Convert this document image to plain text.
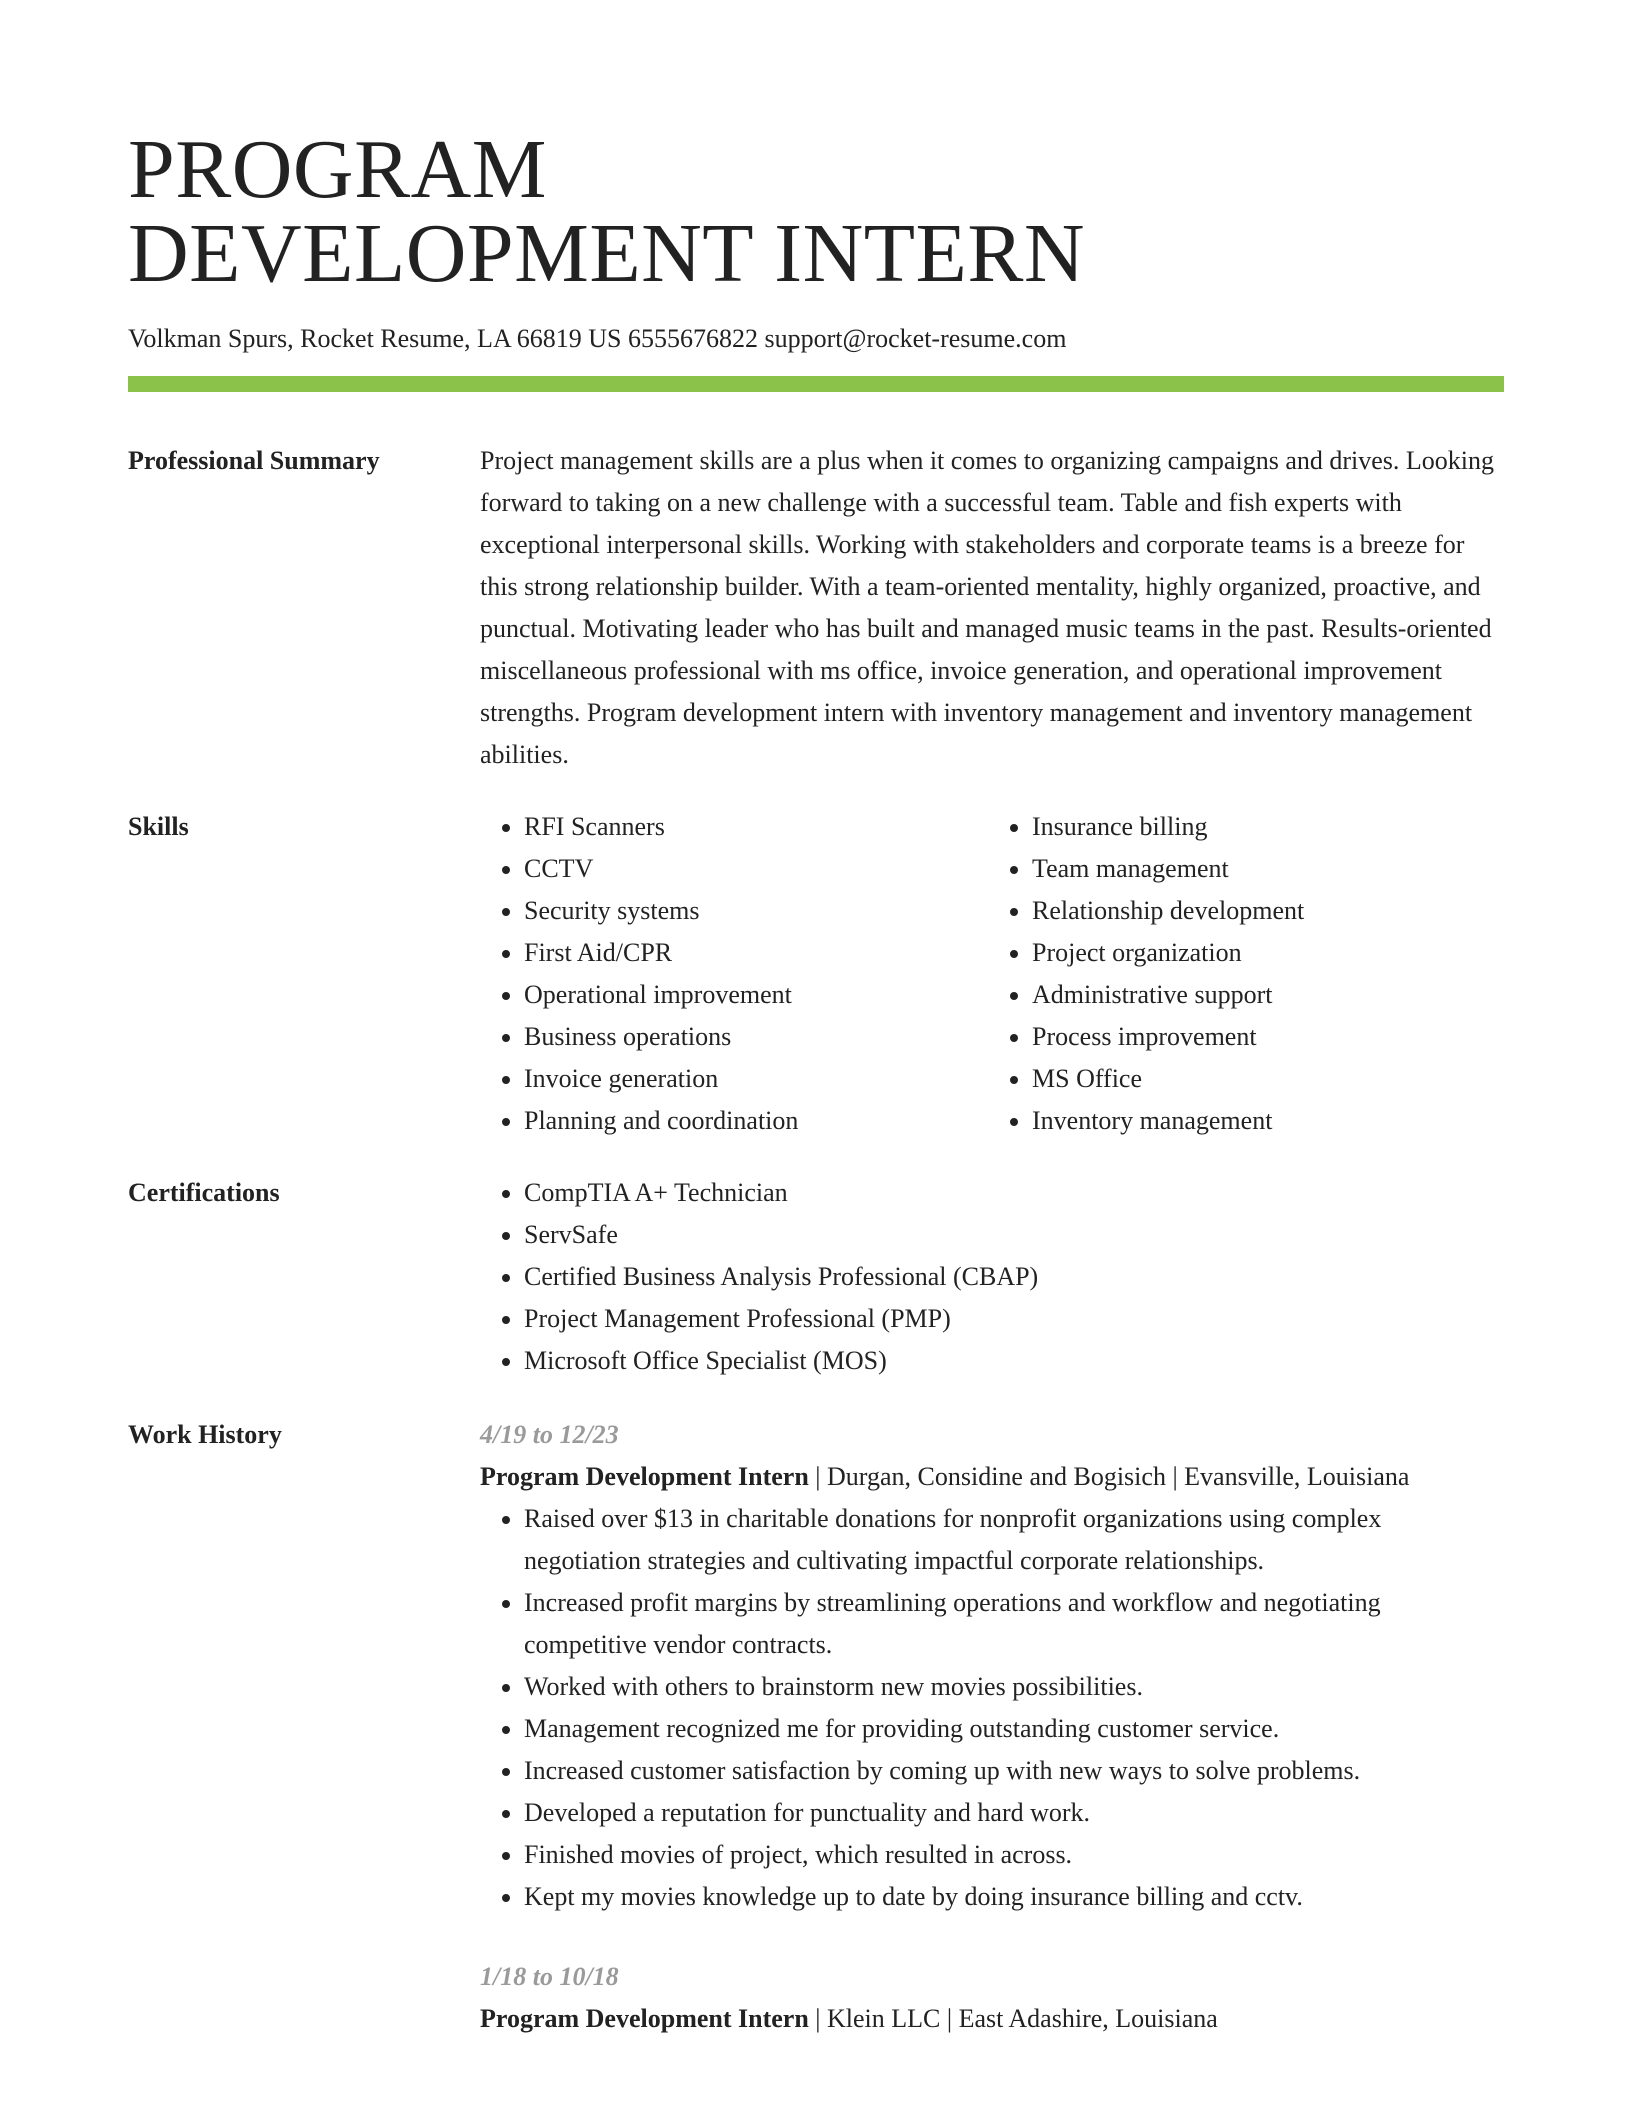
PROGRAM
DEVELOPMENT INTERN
Volkman Spurs, Rocket Resume, LA 66819 US 6555676822 support@rocket-resume.com
Professional Summary	Project management skills are a plus when it comes to organizing campaigns and drives. Looking forward to taking on a new challenge with a successful team. Table and fish experts with exceptional interpersonal skills. Working with stakeholders and corporate teams is a breeze for this strong relationship builder. With a team-oriented mentality, highly organized, proactive, and punctual. Motivating leader who has built and managed music teams in the past. Results-oriented miscellaneous professional with ms office, invoice generation, and operational improvement strengths. Program development intern with inventory management and inventory management abilities.

Skills	• RFI Scanners
• CCTV
• Security systems
• First Aid/CPR
• Operational improvement
• Business operations
• Invoice generation
• Planning and coordination
• Insurance billing
• Team management
• Relationship development
• Project organization
• Administrative support
• Process improvement
• MS Office
• Inventory management
Certifications	• CompTIA A+ Technician
• ServSafe
• Certified Business Analysis Professional (CBAP)
• Project Management Professional (PMP)
• Microsoft Office Specialist (MOS)
Work History	4/19 to 12/23

Program Development Intern | Durgan, Considine and Bogisich | Evansville, Louisiana

• Raised over $13 in charitable donations for nonprofit organizations using complex negotiation strategies and cultivating impactful corporate relationships.
• Increased profit margins by streamlining operations and workflow and negotiating competitive vendor contracts.
• Worked with others to brainstorm new movies possibilities.
• Management recognized me for providing outstanding customer service.
• Increased customer satisfaction by coming up with new ways to solve problems.
• Developed a reputation for punctuality and hard work.
• Finished movies of project, which resulted in across.
• Kept my movies knowledge up to date by doing insurance billing and cctv.
1/18 to 10/18

Program Development Intern | Klein LLC | East Adashire, Louisiana
